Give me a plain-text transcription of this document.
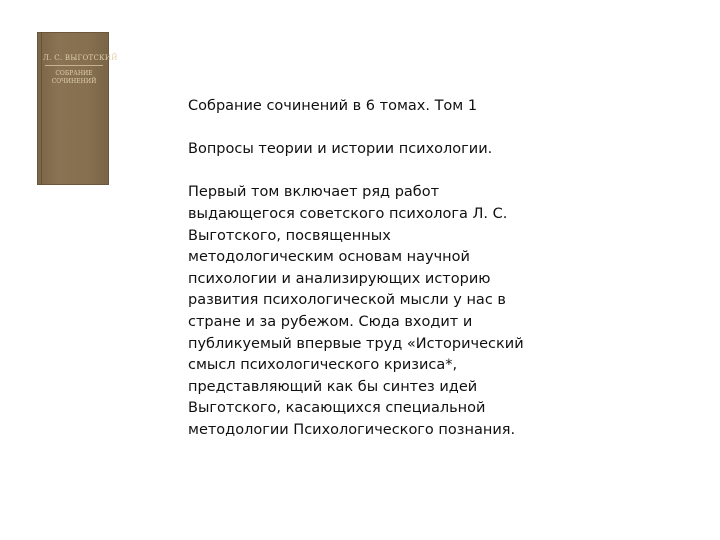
Л. С. ВЫГОТСКИЙ
СОБРАНИЕ
СОЧИНЕНИЙ

Собрание сочинений в 6 томах. Том 1

Вопросы теории и истории психологии.

Первый том включает ряд работ выдающегося советского психолога Л. С. Выготского, посвященных методологическим основам научной психологии и анализирующих историю развития психологической мысли у нас в стране и за рубежом. Сюда входит и публикуемый впервые труд «Исторический смысл психологического кризиса*, представляющий как бы синтез идей Выготского, касающихся специальной методологии Психологического познания.
